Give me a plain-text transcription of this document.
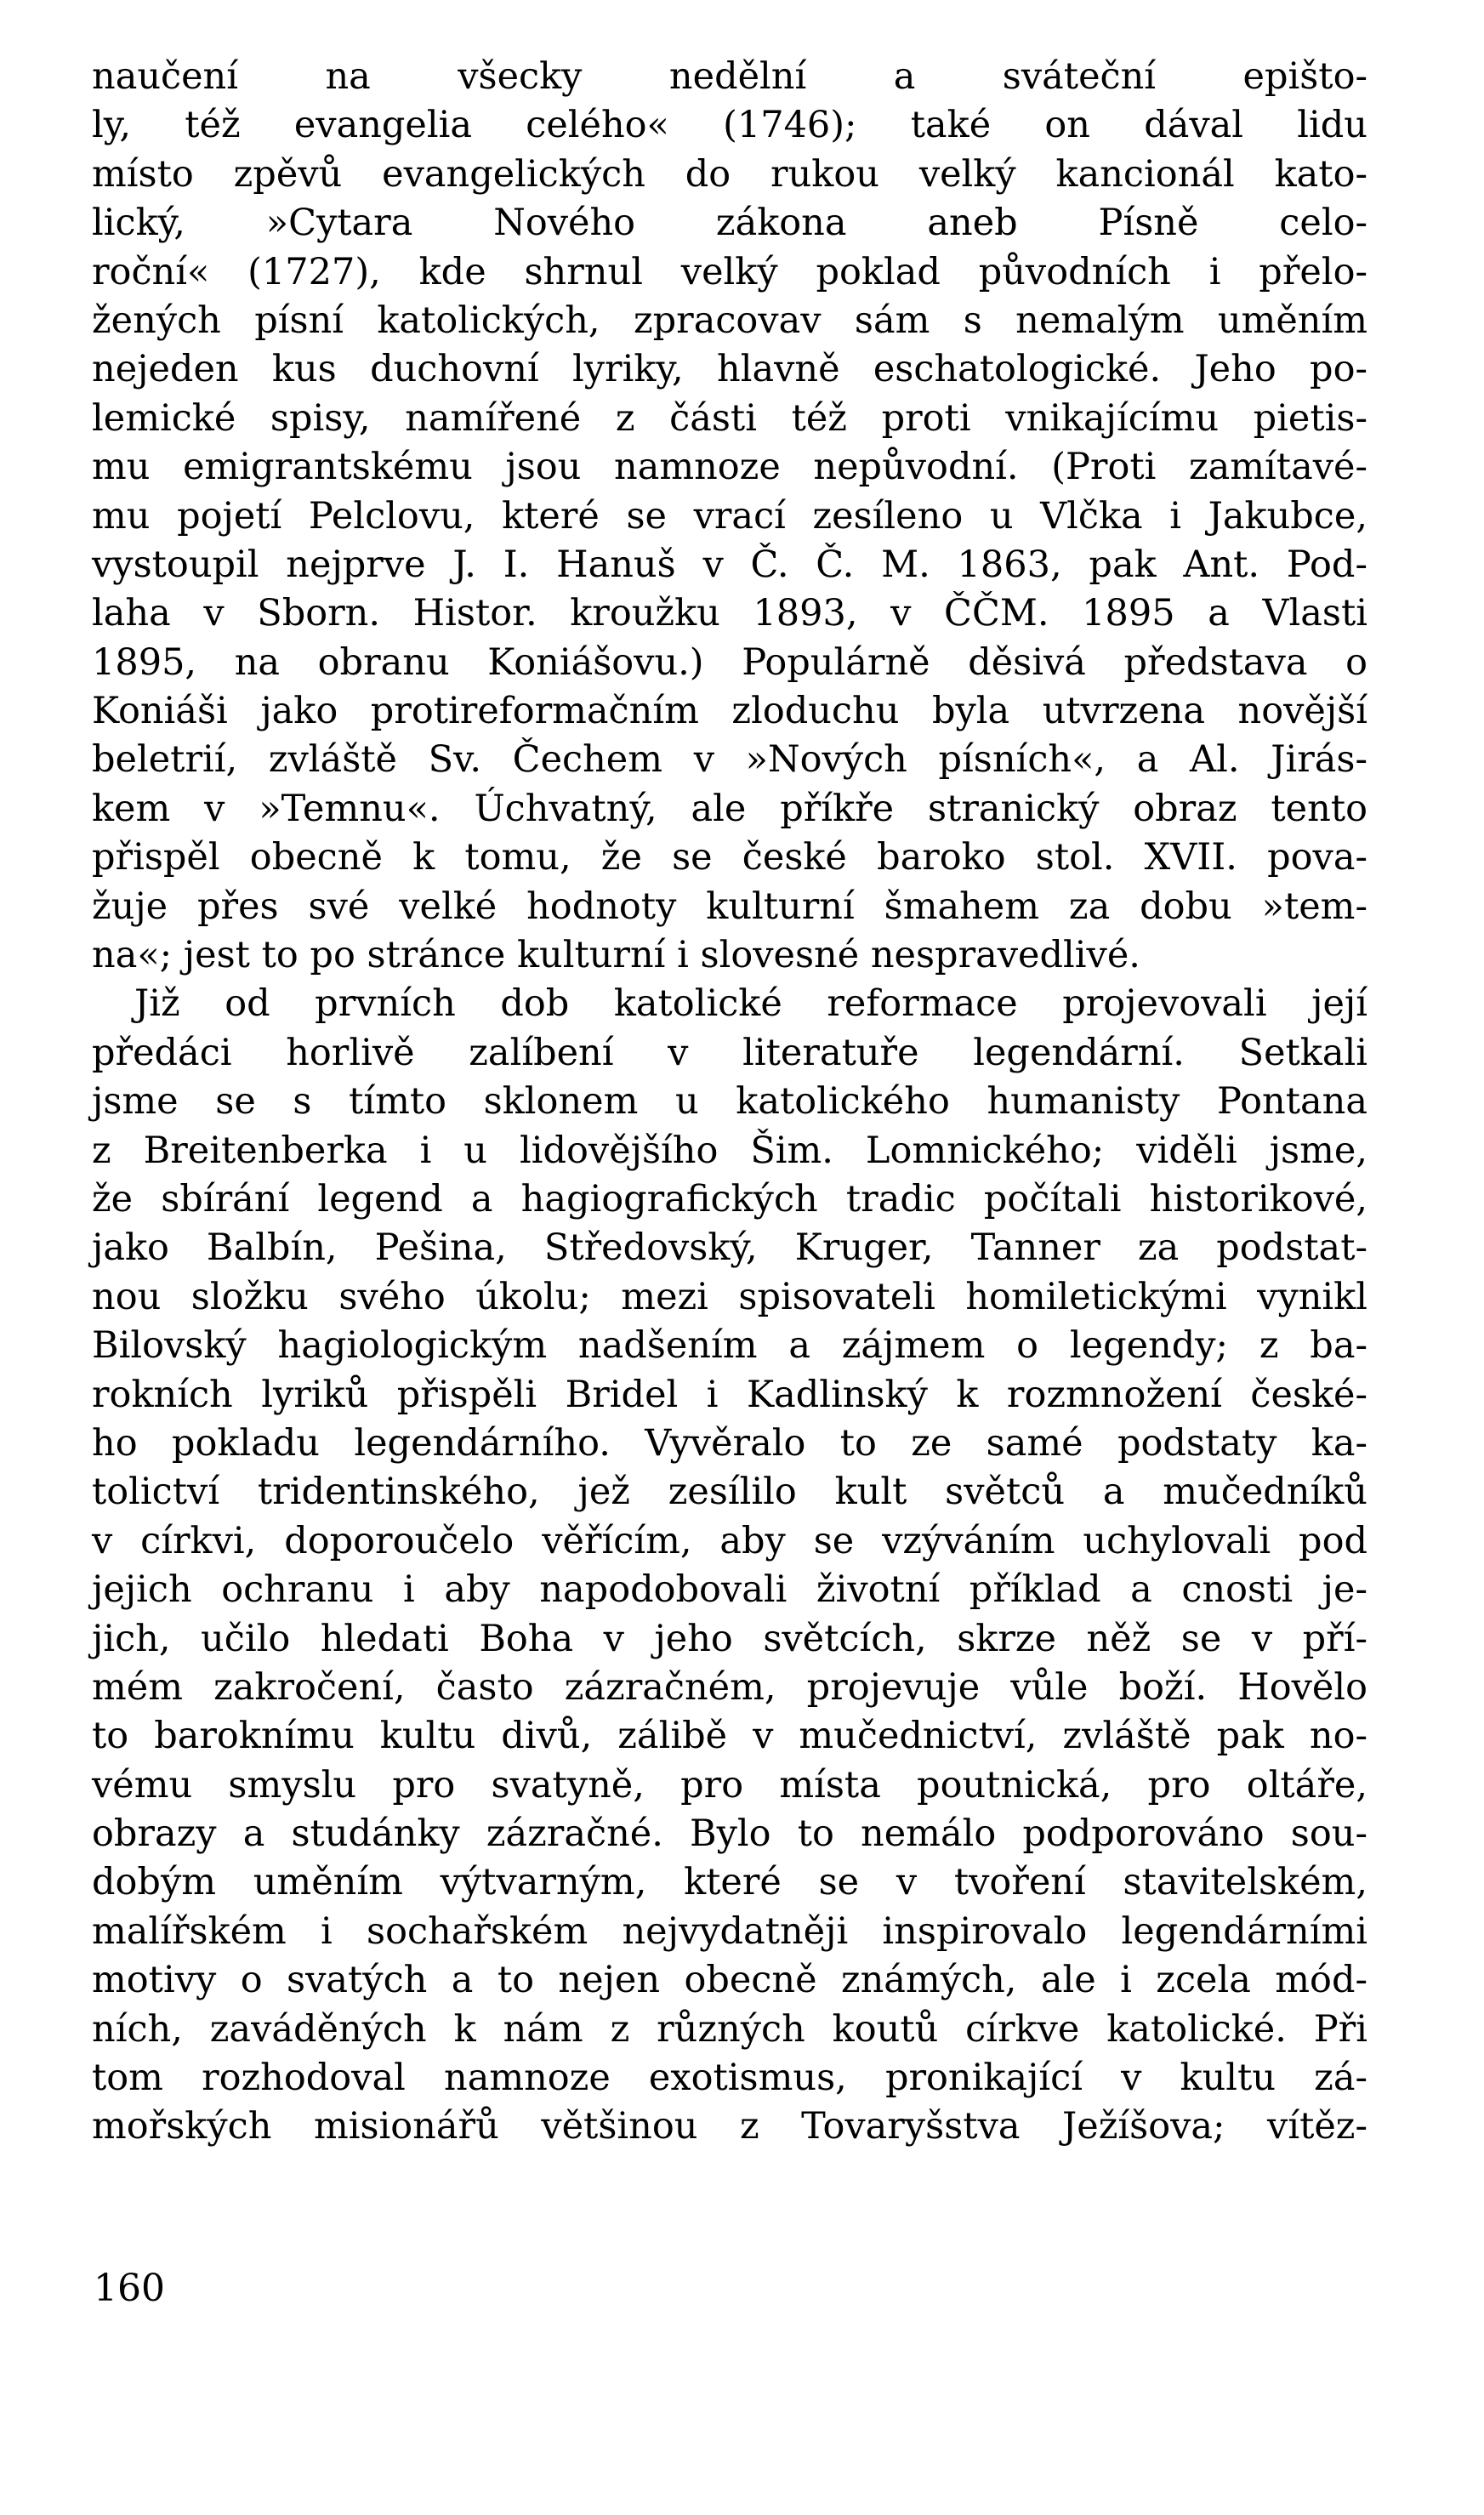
naučení na všecky nedělní a sváteční epišto-
ly, též evangelia celého« (1746); také on dával lidu
místo zpěvů evangelických do rukou velký kancionál kato-
lický, »Cytara Nového zákona aneb Písně celo-
roční« (1727), kde shrnul velký poklad původních i přelo-
žených písní katolických, zpracovav sám s nemalým uměním
nejeden kus duchovní lyriky, hlavně eschatologické. Jeho po-
lemické spisy, namířené z části též proti vnikajícímu pietis-
mu emigrantskému jsou namnoze nepůvodní. (Proti zamítavé-
mu pojetí Pelclovu, které se vrací zesíleno u Vlčka i Jakubce,
vystoupil nejprve J. I. Hanuš v Č. Č. M. 1863, pak Ant. Pod-
laha v Sborn. Histor. kroužku 1893, v ČČM. 1895 a Vlasti
1895, na obranu Koniášovu.) Populárně děsivá představa o
Koniáši jako protireformačním zloduchu byla utvrzena novější
beletrií, zvláště Sv. Čechem v »Nových písních«, a Al. Jirás-
kem v »Temnu«. Úchvatný, ale příkře stranický obraz tento
přispěl obecně k tomu, že se české baroko stol. XVII. pova-
žuje přes své velké hodnoty kulturní šmahem za dobu »tem-
na«; jest to po stránce kulturní i slovesné nespravedlivé.
Již od prvních dob katolické reformace projevovali její
předáci horlivě zalíbení v literatuře legendární. Setkali
jsme se s tímto sklonem u katolického humanisty Pontana
z Breitenberka i u lidovějšího Šim. Lomnického; viděli jsme,
že sbírání legend a hagiografických tradic počítali historikové,
jako Balbín, Pešina, Středovský, Kruger, Tanner za podstat-
nou složku svého úkolu; mezi spisovateli homiletickými vynikl
Bilovský hagiologickým nadšením a zájmem o legendy; z ba-
rokních lyriků přispěli Bridel i Kadlinský k rozmnožení české-
ho pokladu legendárního. Vyvěralo to ze samé podstaty ka-
tolictví tridentinského, jež zesílilo kult světců a mučedníků
v církvi, doporoučelo věřícím, aby se vzýváním uchylovali pod
jejich ochranu i aby napodobovali životní příklad a cnosti je-
jich, učilo hledati Boha v jeho světcích, skrze něž se v pří-
mém zakročení, často zázračném, projevuje vůle boží. Hovělo
to baroknímu kultu divů, zálibě v mučednictví, zvláště pak no-
vému smyslu pro svatyně, pro místa poutnická, pro oltáře,
obrazy a studánky zázračné. Bylo to nemálo podporováno sou-
dobým uměním výtvarným, které se v tvoření stavitelském,
malířském i sochařském nejvydatněji inspirovalo legendárními
motivy o svatých a to nejen obecně známých, ale i zcela mód-
ních, zaváděných k nám z různých koutů církve katolické. Při
tom rozhodoval namnoze exotismus, pronikající v kultu zá-
mořských misionářů většinou z Tovaryšstva Ježíšova; vítěz-
160
